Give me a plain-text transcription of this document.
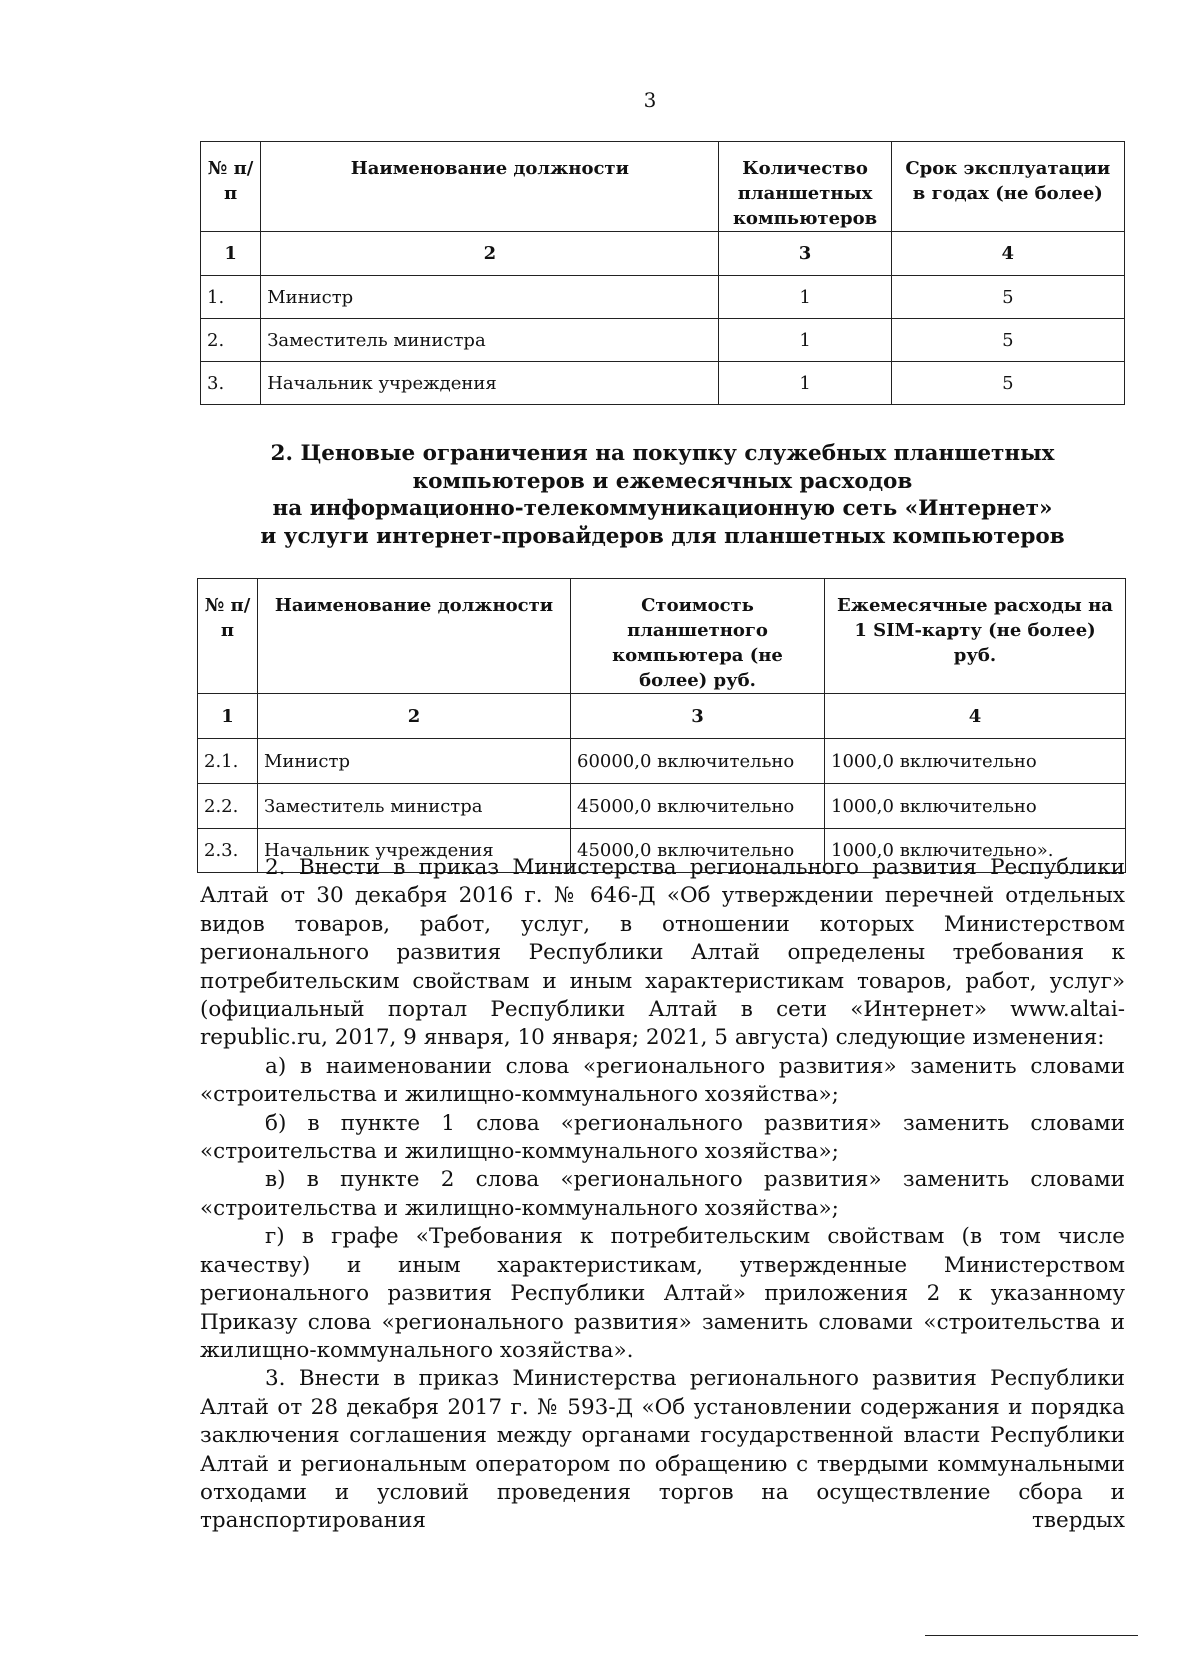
3
№ п/п	Наименование должности	Количество планшетных компьютеров	Срок эксплуатации в годах (не более)
1	2	3	4
1.	Министр	1	5
2.	Заместитель министра	1	5
3.	Начальник учреждения	1	5
2. Ценовые ограничения на покупку служебных планшетных
компьютеров и ежемесячных расходов
на информационно-телекоммуникационную сеть «Интернет»
и услуги интернет-провайдеров для планшетных компьютеров
№ п/п	Наименование должности	Стоимость планшетного компьютера (не более) руб.	Ежемесячные расходы на 1 SIM-карту (не более) руб.
1	2	3	4
2.1.	Министр	60000,0 включительно	1000,0 включительно
2.2.	Заместитель министра	45000,0 включительно	1000,0 включительно
2.3.	Начальник учреждения	45000,0 включительно	1000,0 включительно».

2. Внести в приказ Министерства регионального развития Республики Алтай от 30 декабря 2016 г. № 646-Д «Об утверждении перечней отдельных видов товаров, работ, услуг, в отношении которых Министерством регионального развития Республики Алтай определены требования к потребительским свойствам и иным характеристикам товаров, работ, услуг» (официальный портал Республики Алтай в сети «Интернет» www.altai-republic.ru, 2017, 9 января, 10 января; 2021, 5 августа) следующие изменения:

а) в наименовании слова «регионального развития» заменить словами «строительства и жилищно-коммунального хозяйства»;

б) в пункте 1 слова «регионального развития» заменить словами «строительства и жилищно-коммунального хозяйства»;

в) в пункте 2 слова «регионального развития» заменить словами «строительства и жилищно-коммунального хозяйства»;

г) в графе «Требования к потребительским свойствам (в том числе качеству) и иным характеристикам, утвержденные Министерством регионального развития Республики Алтай» приложения 2 к указанному Приказу слова «регионального развития» заменить словами «строительства и жилищно-коммунального хозяйства».

3. Внести в приказ Министерства регионального развития Республики Алтай от 28 декабря 2017 г. № 593-Д «Об установлении содержания и порядка заключения соглашения между органами государственной власти Республики Алтай и региональным оператором по обращению с твердыми коммунальными отходами и условий проведения торгов на осуществление сбора и транспортирования твердых
